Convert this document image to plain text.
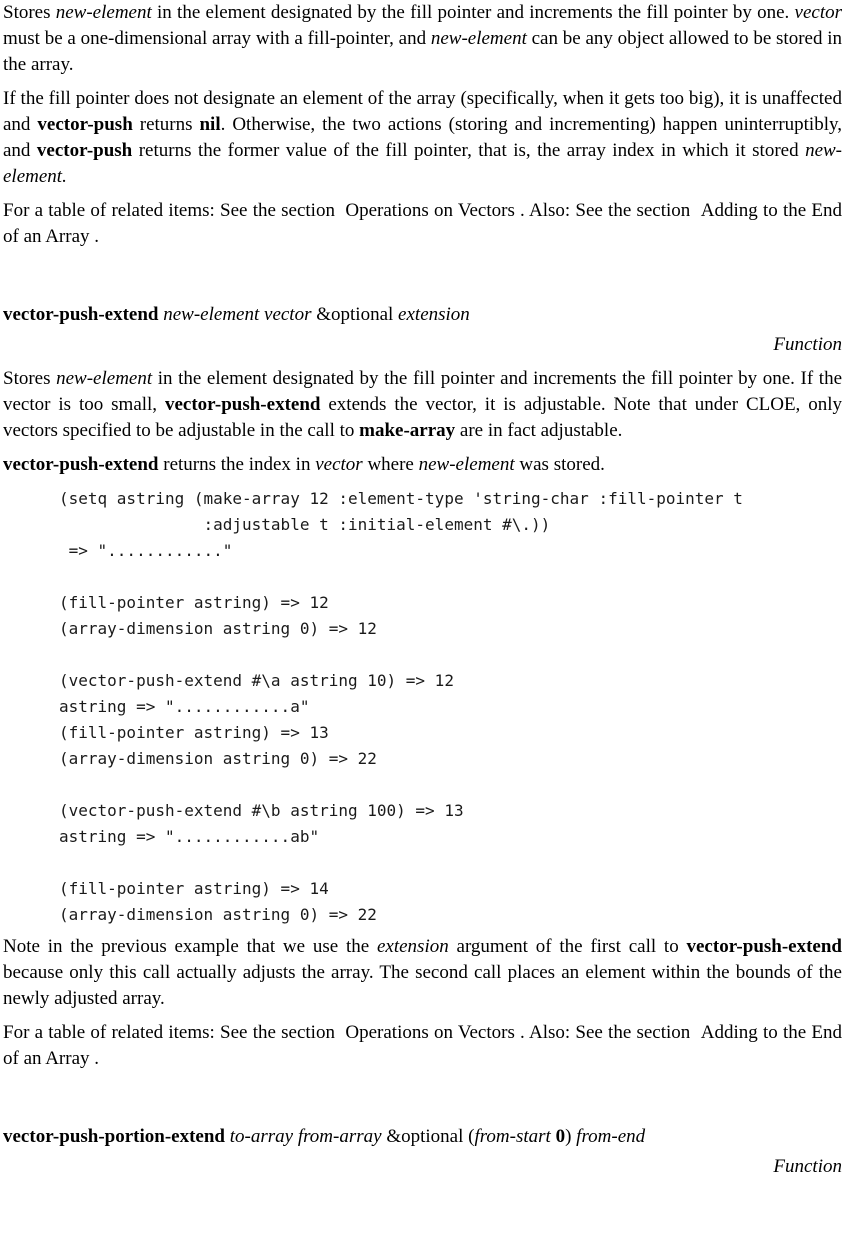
Stores new-element in the element designated by the fill pointer and increments the fill pointer by one. vector must be a one-dimensional array with a fill-pointer, and new-element can be any object allowed to be stored in the array.

If the fill pointer does not designate an element of the array (specifically, when it gets too big), it is unaffected and vector-push returns nil. Otherwise, the two actions (storing and incrementing) happen uninterruptibly, and vector-push returns the former value of the fill pointer, that is, the array index in which it stored new-element.

For a table of related items: See the section  Operations on Vectors . Also: See the section  Adding to the End of an Array .

vector-push-extend new-element vector &optional extension

Function

Stores new-element in the element designated by the fill pointer and increments the fill pointer by one. If the vector is too small, vector-push-extend extends the vector, it is adjustable. Note that under CLOE, only vectors specified to be adjustable in the call to make-array are in fact adjustable.

vector-push-extend returns the index in vector where new-element was stored.

(setq astring (make-array 12 :element-type 'string-char :fill-pointer t
:adjustable t :initial-element #\.))
=> "............"

(fill-pointer astring) => 12
(array-dimension astring 0) => 12

(vector-push-extend #\a astring 10) => 12
astring => "............a"
(fill-pointer astring) => 13
(array-dimension astring 0) => 22

(vector-push-extend #\b astring 100) => 13
astring => "............ab"

(fill-pointer astring) => 14
(array-dimension astring 0) => 22

Note in the previous example that we use the extension argument of the first call to vector-push-extend because only this call actually adjusts the array. The second call places an element within the bounds of the newly adjusted array.

For a table of related items: See the section  Operations on Vectors . Also: See the section  Adding to the End of an Array .

vector-push-portion-extend to-array from-array &optional (from-start 0) from-end

Function
